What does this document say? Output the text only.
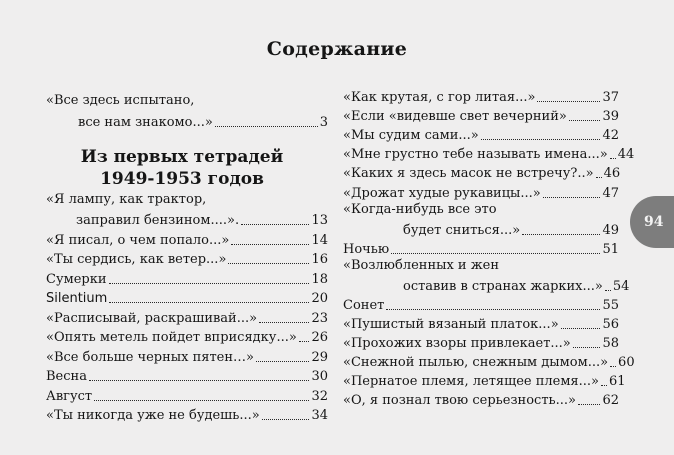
Содержание
«Все здесь испытано,
все нам знакомо...»	3
Из первых тетрадей
1949-1953 годов
«Я лампу, как трактор,
заправил бензином....».	13
«Я писал, о чем попало...»	14
«Ты сердись, как ветер...»	16
Сумерки	18
Silentium	20
«Расписывай, раскрашивай...»	23
«Опять метель пойдет вприсядку...» 26
«Все больше черных пятен…»	29
Весна	30
Август	32
«Ты никогда уже не будешь...»	34
«Как крутая, с гор литая...»	37
«Если «видевше свет вечерний»	39
«Мы судим сами...»	42
«Мне грустно тебе называть имена...» 44
«Каких я здесь масок не встречу?..» 46
«Дрожат худые рукавицы...»	47
«Когда-нибудь все это
будет сниться...»	49
Ночью	51
«Возлюбленных и жен
оставив в странах жарких...» 54
Сонет	55
«Пушистый вязаный платок...»	56
«Прохожих взоры привлекает...» 58
«Снежной пылью, снежным дымом...» 60
«Пернатое племя, летящее племя...» 61
«О, я познал твою серьезность...» 62
94
